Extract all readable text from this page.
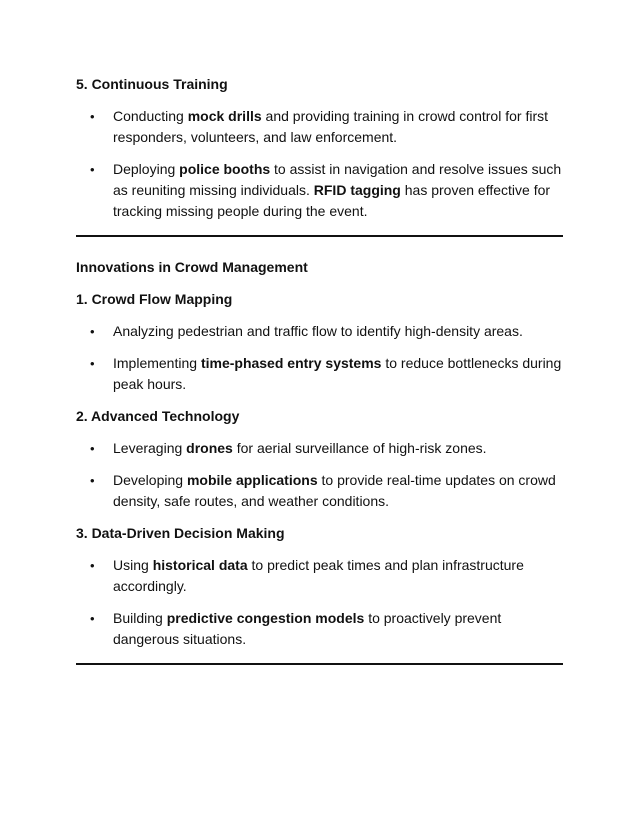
5. Continuous Training
• Conducting mock drills and providing training in crowd control for first responders, volunteers, and law enforcement.
• Deploying police booths to assist in navigation and resolve issues such as reuniting missing individuals. RFID tagging has proven effective for tracking missing people during the event.
Innovations in Crowd Management
1. Crowd Flow Mapping
• Analyzing pedestrian and traffic flow to identify high-density areas.
• Implementing time-phased entry systems to reduce bottlenecks during peak hours.
2. Advanced Technology
• Leveraging drones for aerial surveillance of high-risk zones.
• Developing mobile applications to provide real-time updates on crowd density, safe routes, and weather conditions.
3. Data-Driven Decision Making
• Using historical data to predict peak times and plan infrastructure accordingly.
• Building predictive congestion models to proactively prevent dangerous situations.
